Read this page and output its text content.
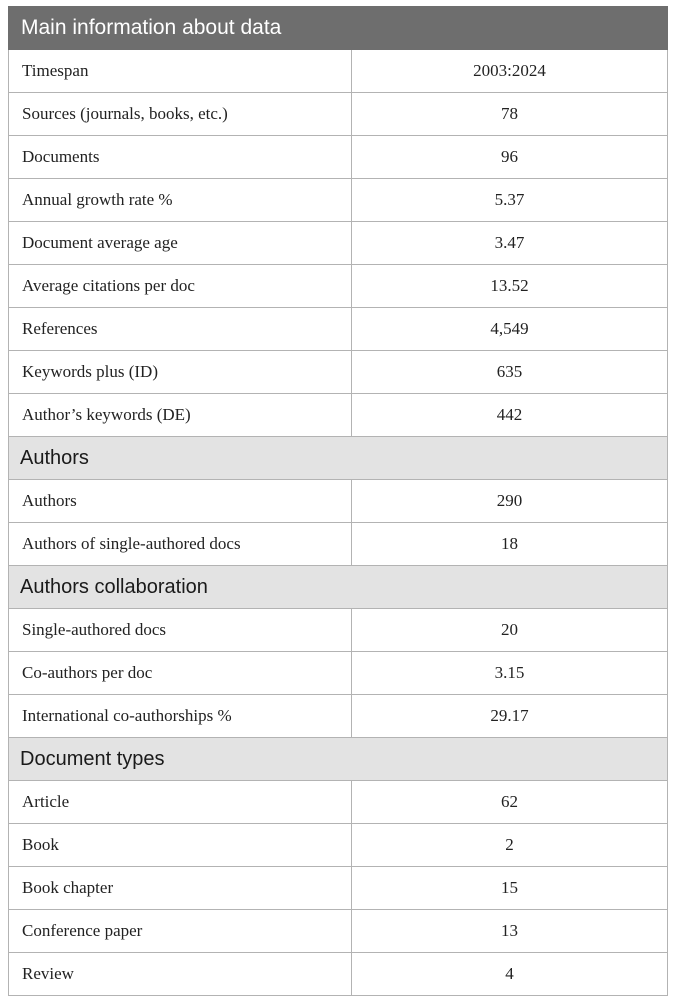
Main information about data	
Timespan	2003:2024
Sources (journals, books, etc.)	78
Documents	96
Annual growth rate %	5.37
Document average age	3.47
Average citations per doc	13.52
References	4,549
Keywords plus (ID)	635
Author’s keywords (DE)	442
Authors	
Authors	290
Authors of single-authored docs	18
Authors collaboration	
Single-authored docs	20
Co-authors per doc	3.15
International co-authorships %	29.17
Document types	
Article	62
Book	2
Book chapter	15
Conference paper	13
Review	4
